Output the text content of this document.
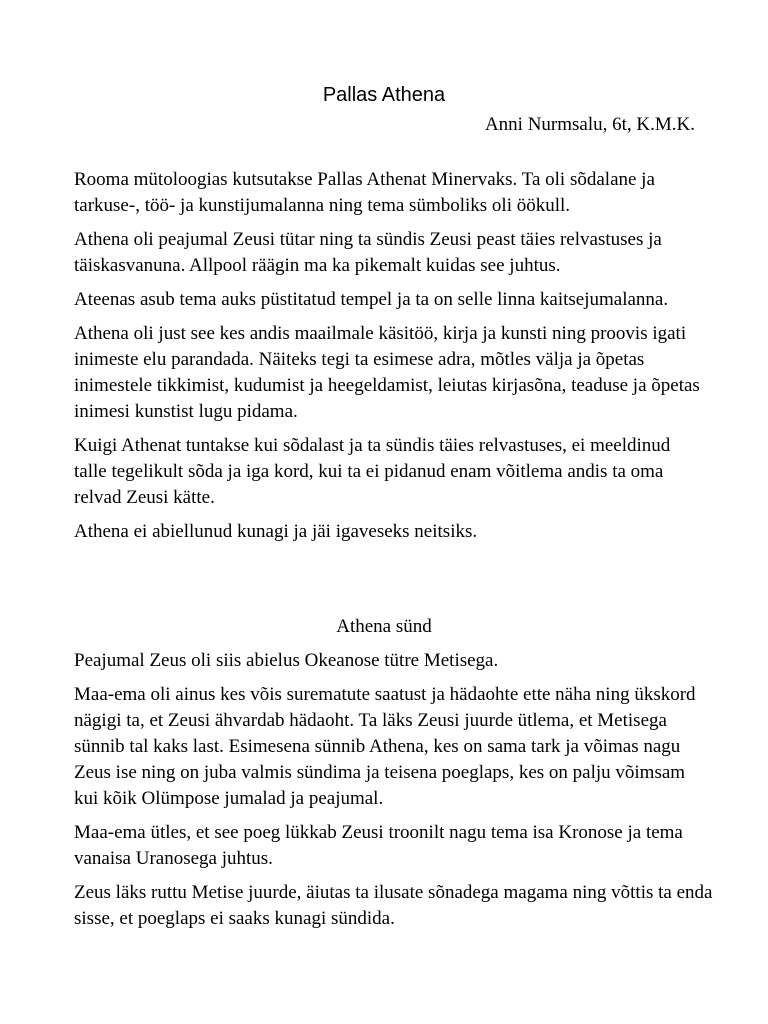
Pallas Athena
Anni Nurmsalu, 6t, K.M.K.

Rooma mütoloogias kutsutakse Pallas Athenat Minervaks. Ta oli sõdalane ja tarkuse-, töö- ja kunstijumalanna ning tema sümboliks oli öökull.

Athena oli peajumal Zeusi tütar ning ta sündis Zeusi peast täies relvastuses ja täiskasvanuna. Allpool räägin ma ka pikemalt kuidas see juhtus.

Ateenas asub tema auks püstitatud tempel ja ta on selle linna kaitsejumalanna.

Athena oli just see kes andis maailmale käsitöö, kirja ja kunsti ning proovis igati inimeste elu parandada. Näiteks tegi ta esimese adra, mõtles välja ja õpetas inimestele tikkimist, kudumist ja heegeldamist, leiutas kirjasõna, teaduse ja õpetas inimesi kunstist lugu pidama.

Kuigi Athenat tuntakse kui sõdalast ja ta sündis täies relvastuses, ei meeldinud talle tegelikult sõda ja iga kord, kui ta ei pidanud enam võitlema andis ta oma relvad Zeusi kätte.

Athena ei abiellunud kunagi ja jäi igaveseks neitsiks.

Athena sünd

Peajumal Zeus oli siis abielus Okeanose tütre Metisega.

Maa-ema oli ainus kes võis surematute saatust ja hädaohte ette näha ning ükskord nägigi ta, et Zeusi ähvardab hädaoht. Ta läks Zeusi juurde ütlema, et Metisega sünnib tal kaks last. Esimesena sünnib Athena, kes on sama tark ja võimas nagu Zeus ise ning on juba valmis sündima ja teisena poeglaps, kes on palju võimsam kui kõik Olümpose jumalad ja peajumal.

Maa-ema ütles, et see poeg lükkab Zeusi troonilt nagu tema isa Kronose ja tema vanaisa Uranosega juhtus.

Zeus läks ruttu Metise juurde, äiutas ta ilusate sõnadega magama ning võttis ta enda sisse, et poeglaps ei saaks kunagi sündida.
